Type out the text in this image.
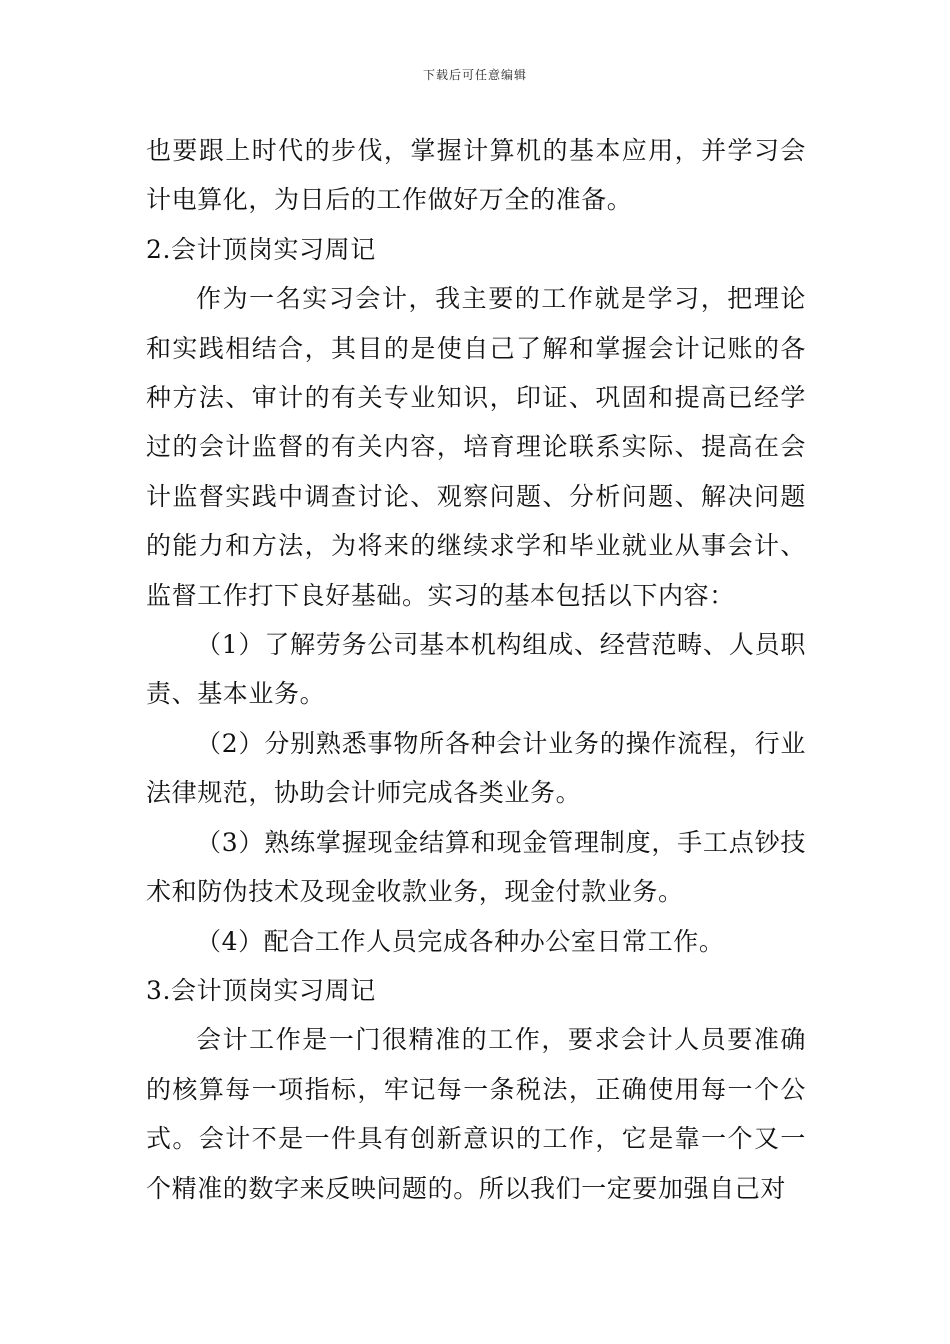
下载后可任意编辑

也要跟上时代的步伐，掌握计算机的基本应用，并学习会计电算化，为日后的工作做好万全的准备。

2.会计顶岗实习周记

作为一名实习会计，我主要的工作就是学习，把理论和实践相结合，其目的是使自己了解和掌握会计记账的各种方法、审计的有关专业知识，印证、巩固和提高已经学过的会计监督的有关内容，培育理论联系实际、提高在会计监督实践中调查讨论、观察问题、分析问题、解决问题的能力和方法，为将来的继续求学和毕业就业从事会计、监督工作打下良好基础。实习的基本包括以下内容：

（1）了解劳务公司基本机构组成、经营范畴、人员职责、基本业务。

（2）分别熟悉事物所各种会计业务的操作流程，行业法律规范，协助会计师完成各类业务。

（3）熟练掌握现金结算和现金管理制度，手工点钞技术和防伪技术及现金收款业务，现金付款业务。

（4）配合工作人员完成各种办公室日常工作。

3.会计顶岗实习周记

会计工作是一门很精准的工作，要求会计人员要准确的核算每一项指标，牢记每一条税法，正确使用每一个公式。会计不是一件具有创新意识的工作，它是靠一个又一个精准的数字来反映问题的。所以我们一定要加强自己对
